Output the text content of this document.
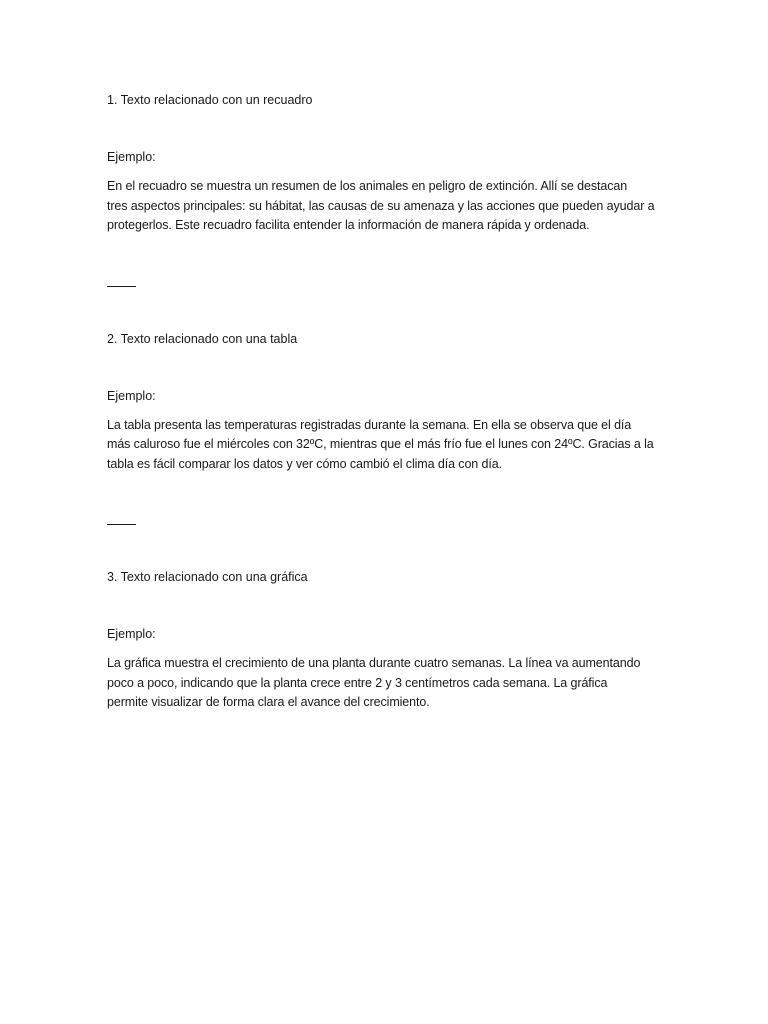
1. Texto relacionado con un recuadro

Ejemplo:

En el recuadro se muestra un resumen de los animales en peligro de extinción. Allí se destacan
tres aspectos principales: su hábitat, las causas de su amenaza y las acciones que pueden ayudar a
protegerlos. Este recuadro facilita entender la información de manera rápida y ordenada.

2. Texto relacionado con una tabla

Ejemplo:

La tabla presenta las temperaturas registradas durante la semana. En ella se observa que el día
más caluroso fue el miércoles con 32ºC, mientras que el más frío fue el lunes con 24ºC. Gracias a la
tabla es fácil comparar los datos y ver cómo cambió el clima día con día.

3. Texto relacionado con una gráfica

Ejemplo:

La gráfica muestra el crecimiento de una planta durante cuatro semanas. La línea va aumentando
poco a poco, indicando que la planta crece entre 2 y 3 centímetros cada semana. La gráfica
permite visualizar de forma clara el avance del crecimiento.
